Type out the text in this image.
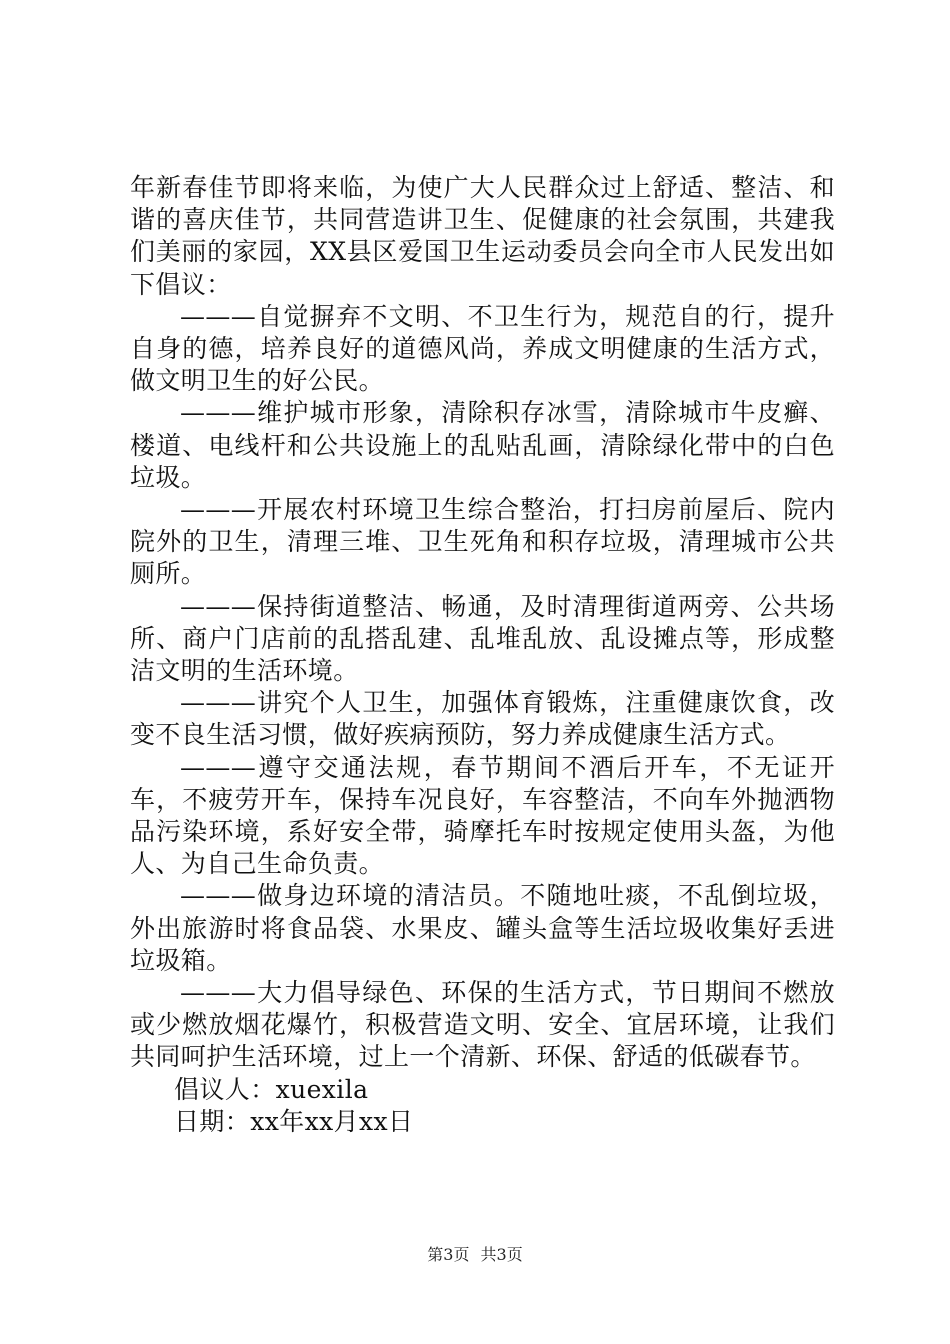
年新春佳节即将来临，为使广大人民群众过上舒适、整洁、和谐的喜庆佳节，共同营造讲卫生、促健康的社会氛围，共建我们美丽的家园，XX县区爱国卫生运动委员会向全市人民发出如下倡议：

———自觉摒弃不文明、不卫生行为，规范自的行，提升自身的德，培养良好的道德风尚，养成文明健康的生活方式，做文明卫生的好公民。

———维护城市形象，清除积存冰雪，清除城市牛皮癣、楼道、电线杆和公共设施上的乱贴乱画，清除绿化带中的白色垃圾。

———开展农村环境卫生综合整治，打扫房前屋后、院内院外的卫生，清理三堆、卫生死角和积存垃圾，清理城市公共厕所。

———保持街道整洁、畅通，及时清理街道两旁、公共场所、商户门店前的乱搭乱建、乱堆乱放、乱设摊点等，形成整洁文明的生活环境。

———讲究个人卫生，加强体育锻炼，注重健康饮食，改变不良生活习惯，做好疾病预防，努力养成健康生活方式。

———遵守交通法规，春节期间不酒后开车，不无证开车，不疲劳开车，保持车况良好，车容整洁，不向车外抛洒物品污染环境，系好安全带，骑摩托车时按规定使用头盔，为他人、为自己生命负责。

———做身边环境的清洁员。不随地吐痰，不乱倒垃圾，外出旅游时将食品袋、水果皮、罐头盒等生活垃圾收集好丢进垃圾箱。

———大力倡导绿色、环保的生活方式，节日期间不燃放或少燃放烟花爆竹，积极营造文明、安全、宜居环境，让我们共同呵护生活环境，过上一个清新、环保、舒适的低碳春节。

倡议人：xuexila

日期：xx年xx月xx日

第3页 共3页
